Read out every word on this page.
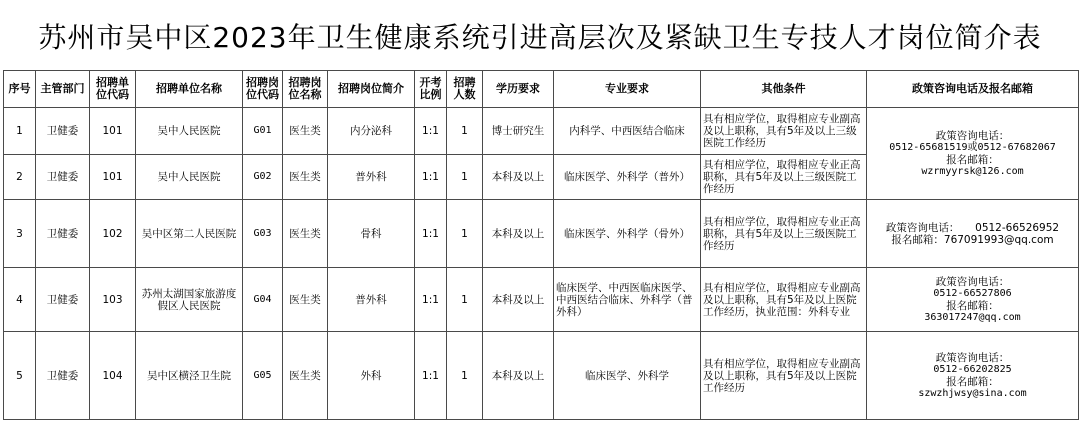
苏州市吴中区2023年卫生健康系统引进高层次及紧缺卫生专技人才岗位简介表
序号	主管部门	招聘单位代码	招聘单位名称	招聘岗位代码	招聘岗位名称	招聘岗位简介	开考比例	招聘人数	学历要求	专业要求	其他条件	政策咨询电话及报名邮箱
1	卫健委	101	吴中人民医院	G01	医生类	内分泌科	1:1	1	博士研究生	内科学、中西医结合临床	具有相应学位，取得相应专业副高及以上职称，具有5年及以上三级医院工作经历	政策咨询电话：
0512-65681519或0512-67682067
报名邮箱：
wzrmyyrsk@126.com

2	卫健委	101	吴中人民医院	G02	医生类	普外科	1:1	1	本科及以上	临床医学、外科学（普外）	具有相应学位，取得相应专业正高职称，具有5年及以上三级医院工作经历	
3	卫健委	102	吴中区第二人民医院	G03	医生类	骨科	1:1	1	本科及以上	临床医学、外科学（骨外）	具有相应学位，取得相应专业正高职称，具有5年及以上三级医院工作经历	政策咨询电话：　　0512-66526952
报名邮箱：767091993@qq.com

4	卫健委	103	苏州太湖国家旅游度假区人民医院	G04	医生类	普外科	1:1	1	本科及以上	临床医学、中西医临床医学、中西医结合临床、外科学（普外科）	具有相应学位，取得相应专业副高及以上职称，具有5年及以上医院工作经历，执业范围：外科专业	政策咨询电话：
0512-66527806
报名邮箱：
363017247@qq.com

5	卫健委	104	吴中区横泾卫生院	G05	医生类	外科	1:1	1	本科及以上	临床医学、外科学	具有相应学位，取得相应专业副高及以上职称，具有5年及以上医院工作经历	政策咨询电话：
0512-66202825
报名邮箱：
szwzhjwsy@sina.com
